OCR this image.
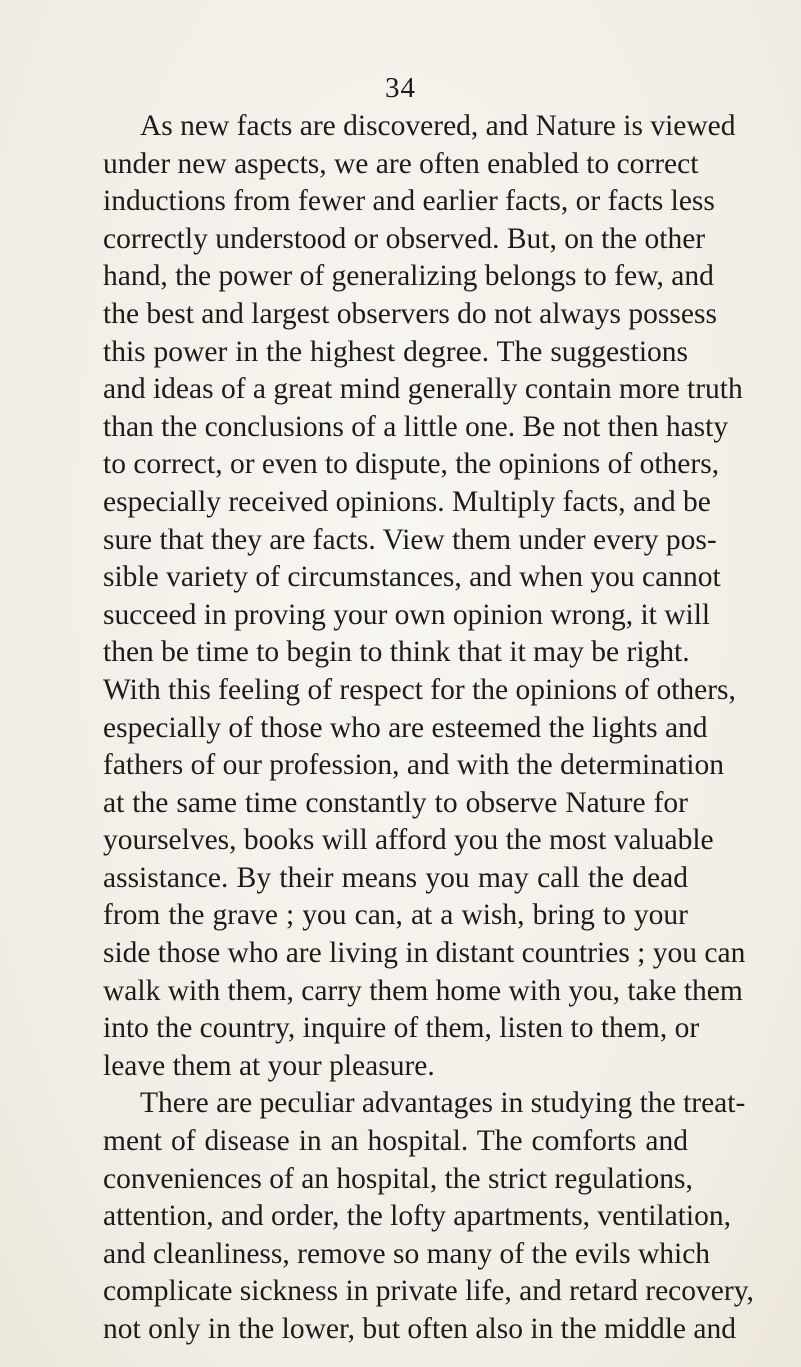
34
As new facts are discovered, and Nature is viewed
under new aspects, we are often enabled to correct
inductions from fewer and earlier facts, or facts less
correctly understood or observed. But, on the other
hand, the power of generalizing belongs to few, and
the best and largest observers do not always possess
this power in the highest degree. The suggestions
and ideas of a great mind generally contain more truth
than the conclusions of a little one. Be not then hasty
to correct, or even to dispute, the opinions of others,
especially received opinions. Multiply facts, and be
sure that they are facts. View them under every pos-
sible variety of circumstances, and when you cannot
succeed in proving your own opinion wrong, it will
then be time to begin to think that it may be right.
With this feeling of respect for the opinions of others,
especially of those who are esteemed the lights and
fathers of our profession, and with the determination
at the same time constantly to observe Nature for
yourselves, books will afford you the most valuable
assistance. By their means you may call the dead
from the grave ; you can, at a wish, bring to your
side those who are living in distant countries ; you can
walk with them, carry them home with you, take them
into the country, inquire of them, listen to them, or
leave them at your pleasure.
There are peculiar advantages in studying the treat-
ment of disease in an hospital. The comforts and
conveniences of an hospital, the strict regulations,
attention, and order, the lofty apartments, ventilation,
and cleanliness, remove so many of the evils which
complicate sickness in private life, and retard recovery,
not only in the lower, but often also in the middle and
